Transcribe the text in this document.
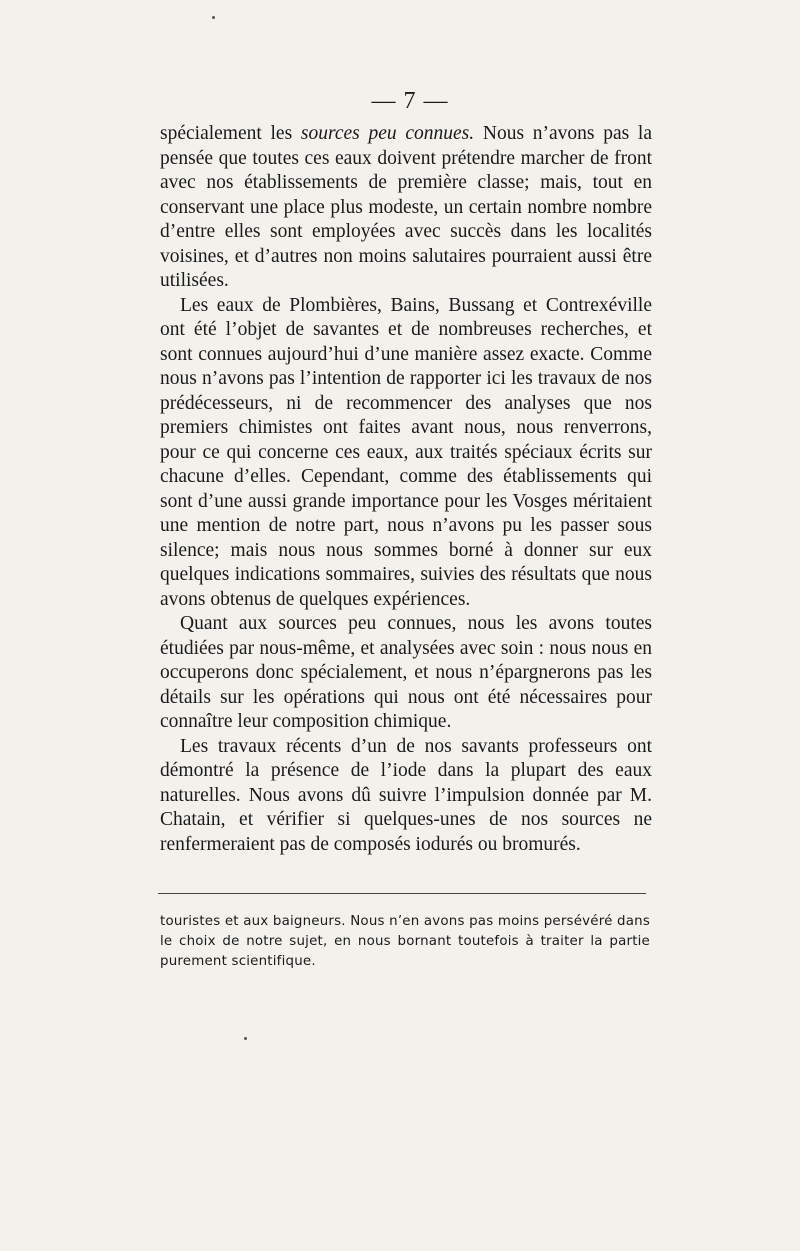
— 7 —

spécialement les sources peu connues. Nous n’avons pas la pensée que toutes ces eaux doivent prétendre marcher de front avec nos établissements de première classe; mais, tout en conservant une place plus modeste, un certain nombre nombre d’entre elles sont employées avec succès dans les localités voisines, et d’autres non moins salutaires pourraient aussi être utilisées.

Les eaux de Plombières, Bains, Bussang et Contrexéville ont été l’objet de savantes et de nombreuses recherches, et sont connues aujourd’hui d’une manière assez exacte. Comme nous n’avons pas l’intention de rapporter ici les travaux de nos prédécesseurs, ni de recommencer des analyses que nos premiers chimistes ont faites avant nous, nous renverrons, pour ce qui concerne ces eaux, aux traités spéciaux écrits sur chacune d’elles. Cependant, comme des établissements qui sont d’une aussi grande importance pour les Vosges méritaient une mention de notre part, nous n’avons pu les passer sous silence; mais nous nous sommes borné à donner sur eux quelques indications sommaires, suivies des résultats que nous avons obtenus de quelques expériences.

Quant aux sources peu connues, nous les avons toutes étudiées par nous-même, et analysées avec soin : nous nous en occuperons donc spécialement, et nous n’épargnerons pas les détails sur les opérations qui nous ont été nécessaires pour connaître leur composition chimique.

Les travaux récents d’un de nos savants professeurs ont démontré la présence de l’iode dans la plupart des eaux naturelles. Nous avons dû suivre l’impulsion donnée par M. Chatain, et vérifier si quelques-unes de nos sources ne renfermeraient pas de composés iodurés ou bromurés.

touristes et aux baigneurs. Nous n’en avons pas moins persévéré dans le choix de notre sujet, en nous bornant toutefois à traiter la partie purement scientifique.
